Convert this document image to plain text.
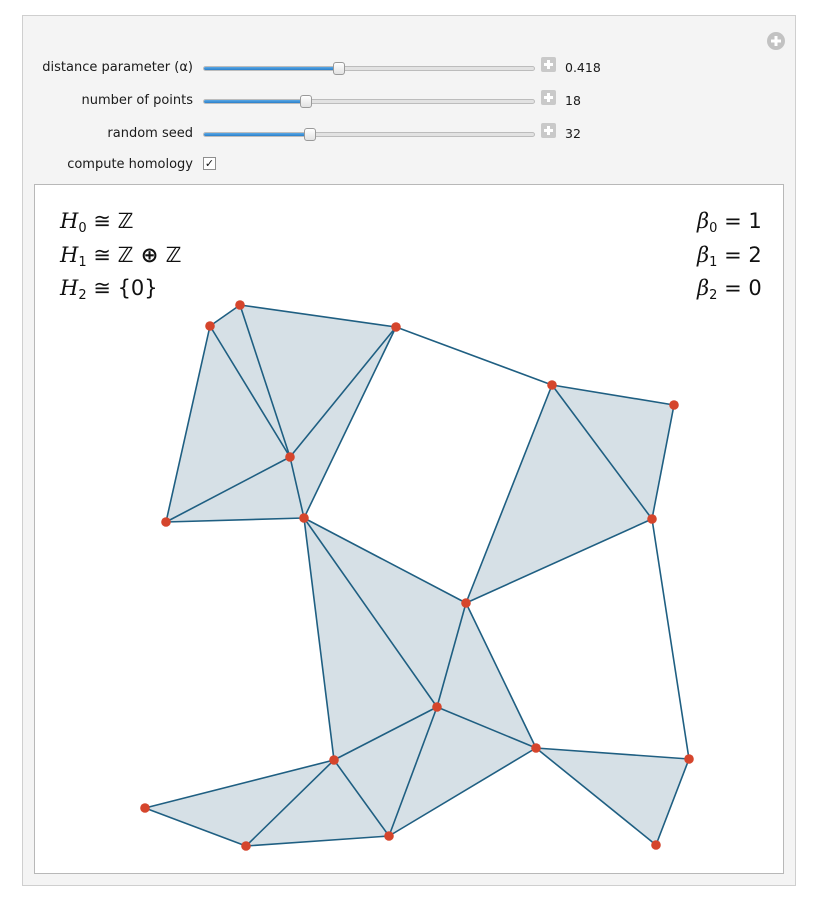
distance parameter (α)	0.418
number of points	18
random seed	32
compute homology ✓
$H_0$ ≅ ℤ
$H_1$ ≅ ℤ ⊕ ℤ
$H_2$ ≅ {0}
$\beta_0 = 1$
$\beta_1 = 2$
$\beta_2 = 0$
